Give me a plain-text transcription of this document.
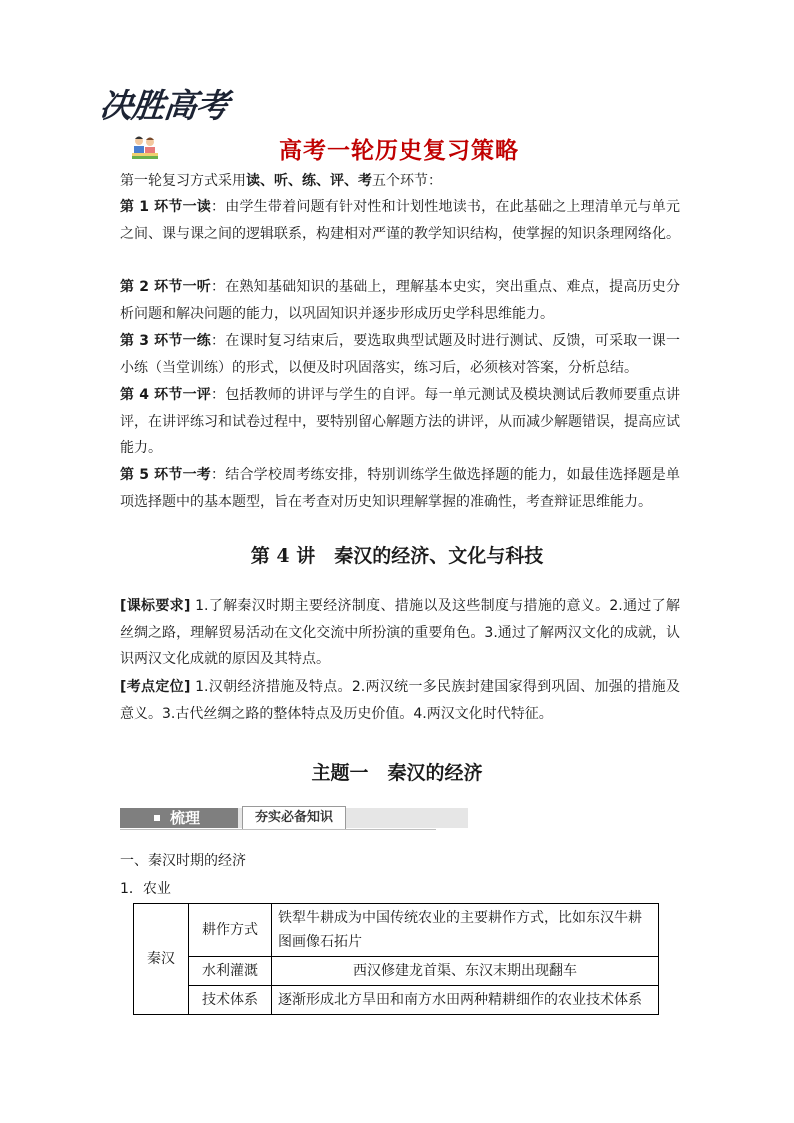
决胜高考
高考一轮历史复习策略

第一轮复习方式采用读、听、练、评、考五个环节：

第 1 环节一读：由学生带着问题有针对性和计划性地读书，在此基础之上理清单元与单元之间、课与课之间的逻辑联系，构建相对严谨的教学知识结构，使掌握的知识条理网络化。

第 2 环节一听：在熟知基础知识的基础上，理解基本史实，突出重点、难点，提高历史分析问题和解决问题的能力，以巩固知识并逐步形成历史学科思维能力。

第 3 环节一练：在课时复习结束后，要选取典型试题及时进行测试、反馈，可采取一课一小练（当堂训练）的形式，以便及时巩固落实，练习后，必须核对答案，分析总结。

第 4 环节一评：包括教师的讲评与学生的自评。每一单元测试及模块测试后教师要重点讲评，在讲评练习和试卷过程中，要特别留心解题方法的讲评，从而减少解题错误，提高应试能力。

第 5 环节一考：结合学校周考练安排，特别训练学生做选择题的能力，如最佳选择题是单项选择题中的基本题型，旨在考查对历史知识理解掌握的准确性，考查辩证思维能力。

第 4 讲　秦汉的经济、文化与科技

[课标要求] 1.了解秦汉时期主要经济制度、措施以及这些制度与措施的意义。2.通过了解丝绸之路，理解贸易活动在文化交流中所扮演的重要角色。3.通过了解两汉文化的成就，认识两汉文化成就的原因及其特点。

[考点定位] 1.汉朝经济措施及特点。2.两汉统一多民族封建国家得到巩固、加强的措施及意义。3.古代丝绸之路的整体特点及历史价值。4.两汉文化时代特征。

主题一　秦汉的经济
梳理	夯实必备知识
一、秦汉时期的经济
1．农业
秦汉	耕作方式	铁犁牛耕成为中国传统农业的主要耕作方式，比如东汉牛耕图画像石拓片
	水利灌溉	西汉修建龙首渠、东汉末期出现翻车
	技术体系	逐渐形成北方旱田和南方水田两种精耕细作的农业技术体系
